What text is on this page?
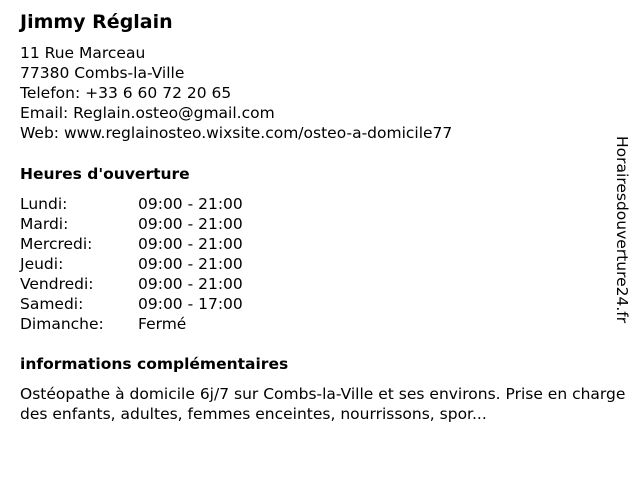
Jimmy Réglain
11 Rue Marceau
77380 Combs-la-Ville
Telefon: +33 6 60 72 20 65
Email: Reglain.osteo@gmail.com
Web: www.reglainosteo.wixsite.com/osteo-a-domicile77
Heures d'ouverture
Lundi:	09:00 - 21:00
Mardi:	09:00 - 21:00
Mercredi:	09:00 - 21:00
Jeudi:	09:00 - 21:00
Vendredi:	09:00 - 21:00
Samedi:	09:00 - 17:00
Dimanche: Fermé
informations complémentaires
Ostéopathe à domicile 6j/7 sur Combs-la-Ville et ses environs. Prise en charge des enfants, adultes, femmes enceintes, nourrissons, spor...
Horairesdouverture24.fr
